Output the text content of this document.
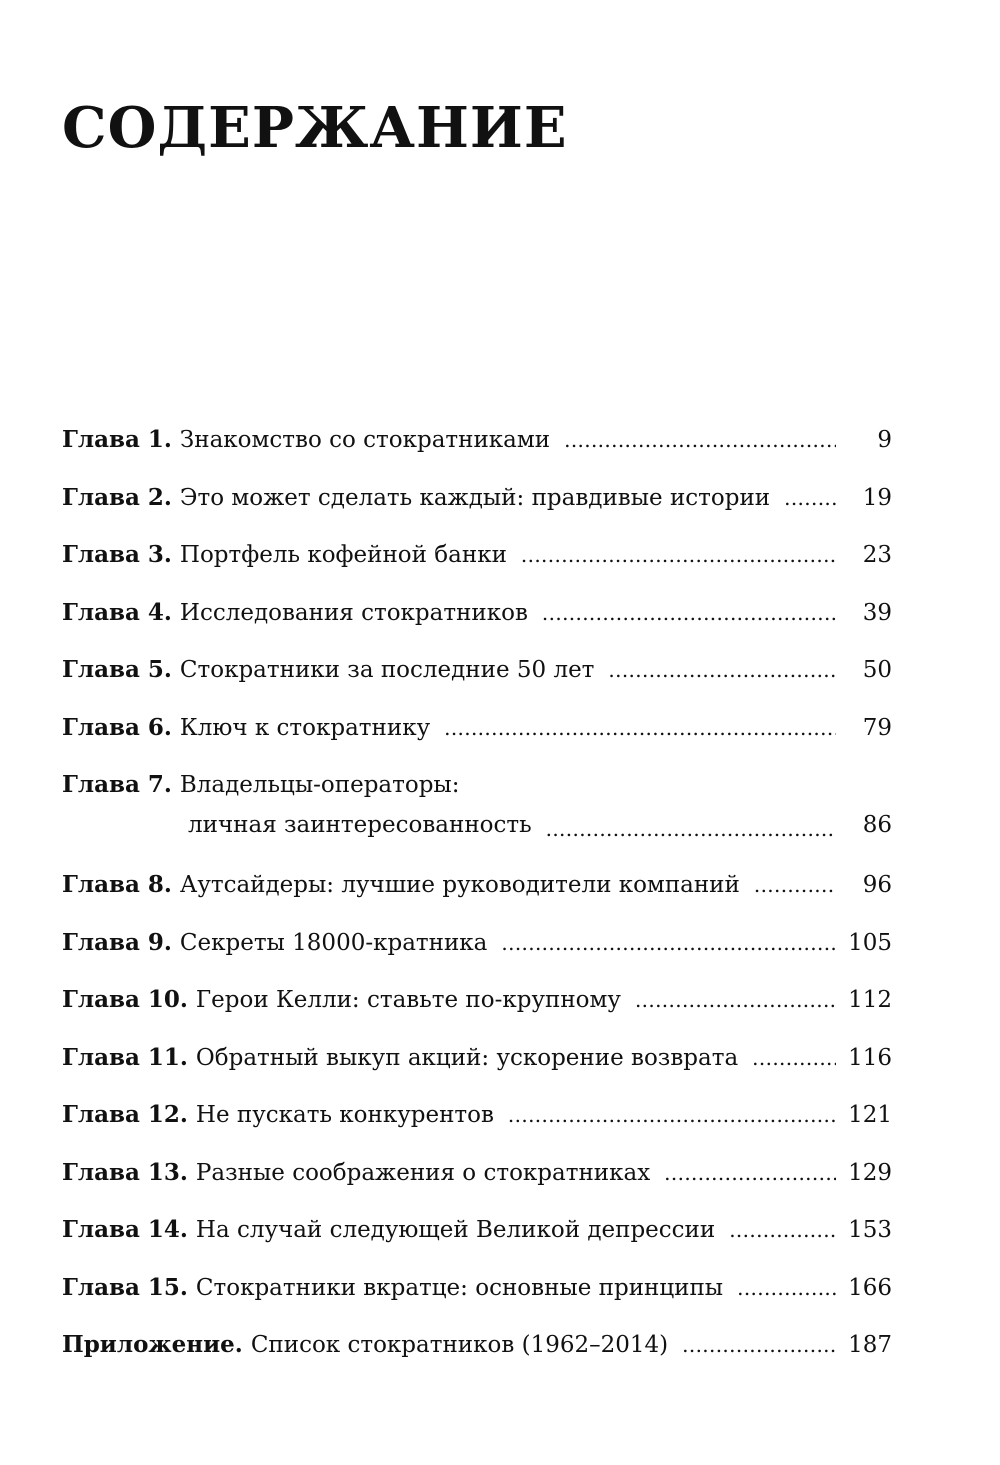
СОДЕРЖАНИЕ
Глава 1. Знакомство со стократниками . . .	9
Глава 2. Это может сделать каждый: правдивые истории . . .	19
Глава 3. Портфель кофейной банки . . .	23
Глава 4. Исследования стократников . . .	39
Глава 5. Стократники за последние 50 лет . . .	50
Глава 6. Ключ к стократнику . . .	79
Глава 7. Владельцы-операторы:
личная заинтересованность . . .	86
Глава 8. Аутсайдеры: лучшие руководители компаний . . .	96
Глава 9. Секреты 18000-кратника . . .	105
Глава 10. Герои Келли: ставьте по-крупному . . .	112
Глава 11. Обратный выкуп акций: ускорение возврата . . .	116
Глава 12. Не пускать конкурентов . . .	121
Глава 13. Разные соображения о стократниках . . .	129
Глава 14. На случай следующей Великой депрессии . . .	153
Глава 15. Стократники вкратце: основные принципы . . .	166
Приложение. Список стократников (1962–2014) . . .	187
